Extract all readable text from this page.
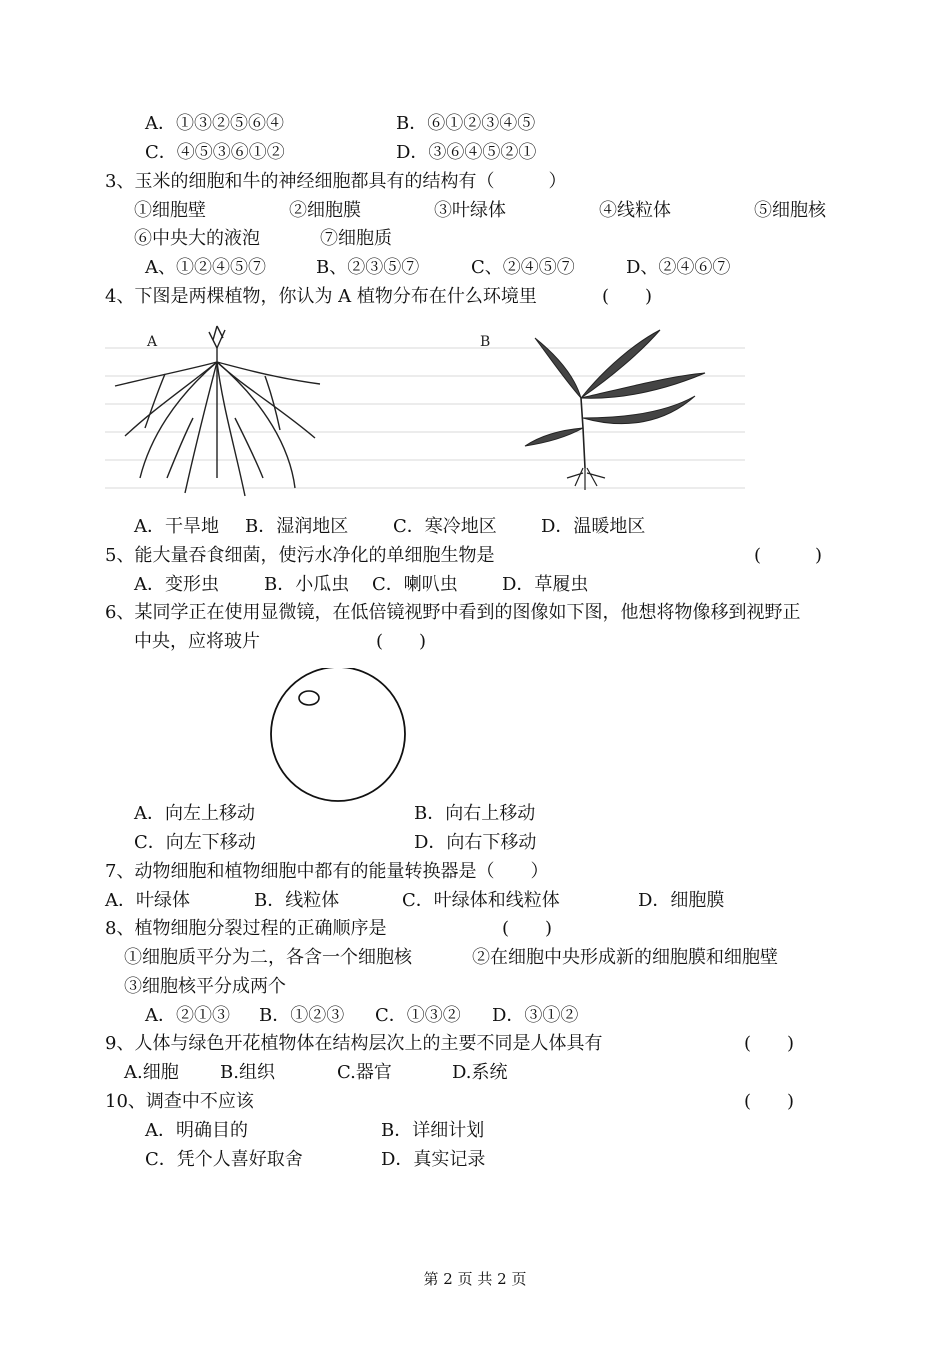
A．①③②⑤⑥④	B．⑥①②③④⑤
C．④⑤③⑥①②	D．③⑥④⑤②①
3、玉米的细胞和牛的神经细胞都具有的结构有（　　　）
①细胞壁	②细胞膜	③叶绿体	④线粒体	⑤细胞核
⑥中央大的液泡	⑦细胞质
A、①②④⑤⑦	B、②③⑤⑦	C、②④⑤⑦	D、②④⑥⑦
4、下图是两棵植物，你认为 A 植物分布在什么环境里	(　　)
A	B
A．干旱地 B．湿润地区 C．寒冷地区 D．温暖地区
5、能大量吞食细菌，使污水净化的单细胞生物是	(　　　)
A．变形虫	B．小瓜虫 C．喇叭虫 D．草履虫
6、某同学正在使用显微镜，在低倍镜视野中看到的图像如下图，他想将物像移到视野正
中央，应将玻片	(　　)
A．向左上移动	B．向右上移动
C．向左下移动	D．向右下移动
7、动物细胞和植物细胞中都有的能量转换器是（　　）
A．叶绿体	B．线粒体	C．叶绿体和线粒体	D．细胞膜
8、植物细胞分裂过程的正确顺序是	(　　)
①细胞质平分为二，各含一个细胞核	②在细胞中央形成新的细胞膜和细胞壁
③细胞核平分成两个
A．②①③ B．①②③ C．①③② D．③①②
9、人体与绿色开花植物体在结构层次上的主要不同是人体具有	(　　)
A.细胞 B.组织	C.器官	D.系统
10、调查中不应该	(　　)
A．明确目的	B．详细计划
C．凭个人喜好取舍	D．真实记录
第 2 页 共 2 页
